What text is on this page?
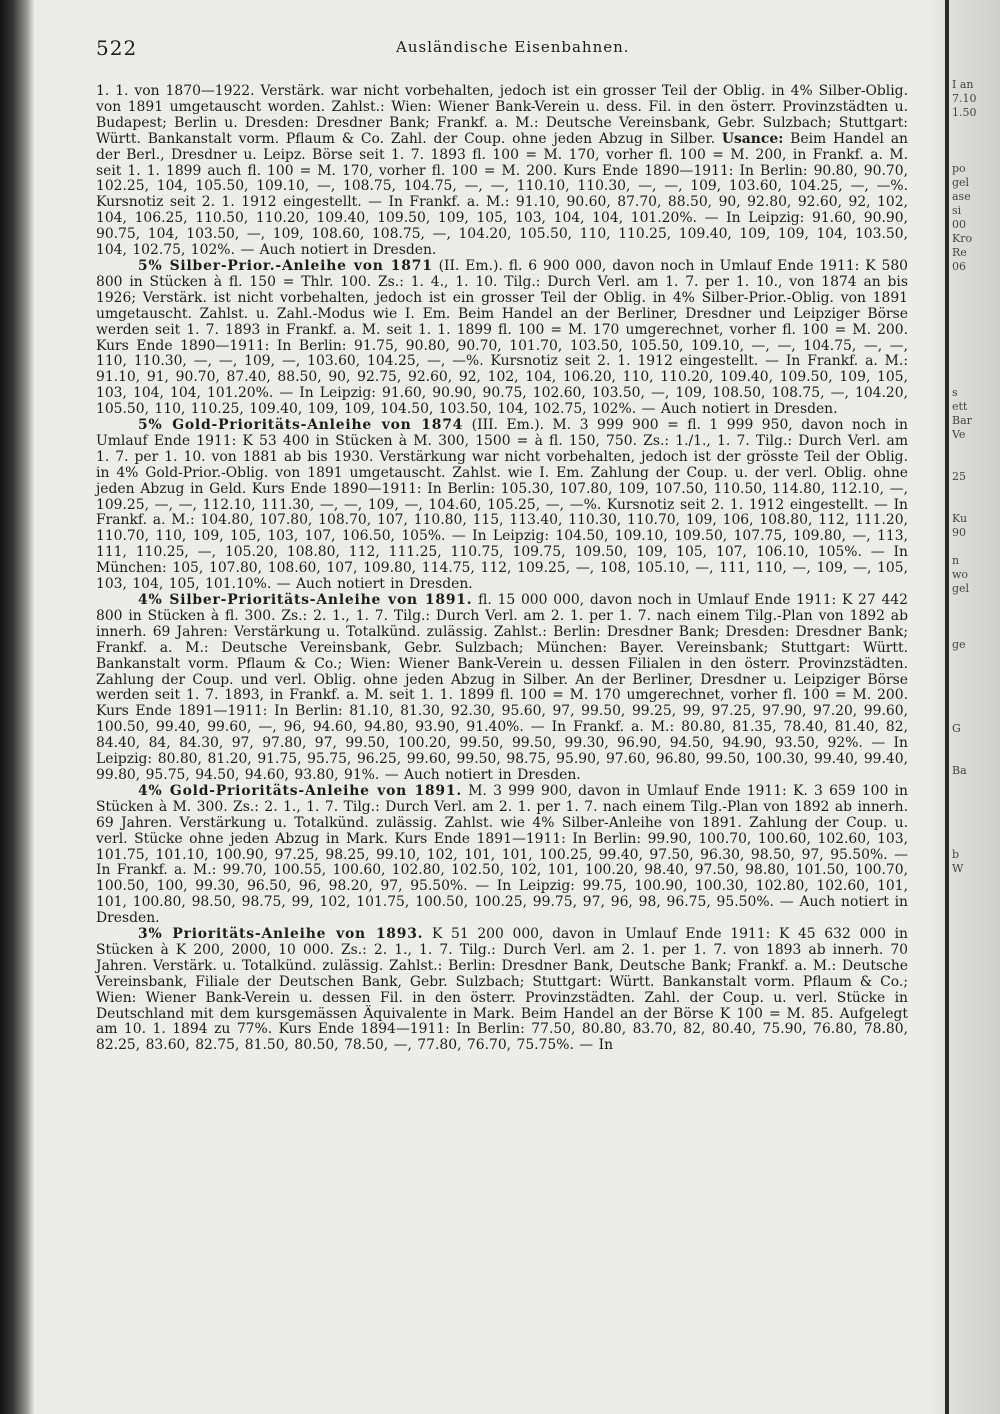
I an
7.10
1.50

po
gel
ase
si
00
Kro
Re
06

s
ett
Bar
Ve

25

Ku
90

n
wo
gel

ge

G

Ba

b
W

522	Ausländische Eisenbahnen.

1. 1. von 1870—1922. Verstärk. war nicht vorbehalten, jedoch ist ein grosser Teil der Oblig. in 4% Silber-Oblig. von 1891 umgetauscht worden. Zahlst.: Wien: Wiener Bank-Verein u. dess. Fil. in den österr. Provinzstädten u. Budapest; Berlin u. Dresden: Dresdner Bank; Frankf. a. M.: Deutsche Vereinsbank, Gebr. Sulzbach; Stuttgart: Württ. Bankanstalt vorm. Pflaum & Co. Zahl. der Coup. ohne jeden Abzug in Silber. Usance: Beim Handel an der Berl., Dresdner u. Leipz. Börse seit 1. 7. 1893 fl. 100 = M. 170, vorher fl. 100 = M. 200, in Frankf. a. M. seit 1. 1. 1899 auch fl. 100 = M. 170, vorher fl. 100 = M. 200. Kurs Ende 1890—1911: In Berlin: 90.80, 90.70, 102.25, 104, 105.50, 109.10, —, 108.75, 104.75, —, —, 110.10, 110.30, —, —, 109, 103.60, 104.25, —, —%. Kursnotiz seit 2. 1. 1912 eingestellt. — In Frankf. a. M.: 91.10, 90.60, 87.70, 88.50, 90, 92.80, 92.60, 92, 102, 104, 106.25, 110.50, 110.20, 109.40, 109.50, 109, 105, 103, 104, 104, 101.20%. — In Leipzig: 91.60, 90.90, 90.75, 104, 103.50, —, 109, 108.60, 108.75, —, 104.20, 105.50, 110, 110.25, 109.40, 109, 109, 104, 103.50, 104, 102.75, 102%. — Auch notiert in Dresden.

5% Silber-Prior.-Anleihe von 1871 (II. Em.). fl. 6 900 000, davon noch in Umlauf Ende 1911: K 580 800 in Stücken à fl. 150 = Thlr. 100. Zs.: 1. 4., 1. 10. Tilg.: Durch Verl. am 1. 7. per 1. 10., von 1874 an bis 1926; Verstärk. ist nicht vorbehalten, jedoch ist ein grosser Teil der Oblig. in 4% Silber-Prior.-Oblig. von 1891 umgetauscht. Zahlst. u. Zahl.-Modus wie I. Em. Beim Handel an der Berliner, Dresdner und Leipziger Börse werden seit 1. 7. 1893 in Frankf. a. M. seit 1. 1. 1899 fl. 100 = M. 170 umgerechnet, vorher fl. 100 = M. 200. Kurs Ende 1890—1911: In Berlin: 91.75, 90.80, 90.70, 101.70, 103.50, 105.50, 109.10, —, —, 104.75, —, —, 110, 110.30, —, —, 109, —, 103.60, 104.25, —, —%. Kursnotiz seit 2. 1. 1912 eingestellt. — In Frankf. a. M.: 91.10, 91, 90.70, 87.40, 88.50, 90, 92.75, 92.60, 92, 102, 104, 106.20, 110, 110.20, 109.40, 109.50, 109, 105, 103, 104, 104, 101.20%. — In Leipzig: 91.60, 90.90, 90.75, 102.60, 103.50, —, 109, 108.50, 108.75, —, 104.20, 105.50, 110, 110.25, 109.40, 109, 109, 104.50, 103.50, 104, 102.75, 102%. — Auch notiert in Dresden.

5% Gold-Prioritäts-Anleihe von 1874 (III. Em.). M. 3 999 900 = fl. 1 999 950, davon noch in Umlauf Ende 1911: K 53 400 in Stücken à M. 300, 1500 = à fl. 150, 750. Zs.: 1./1., 1. 7. Tilg.: Durch Verl. am 1. 7. per 1. 10. von 1881 ab bis 1930. Verstärkung war nicht vorbehalten, jedoch ist der grösste Teil der Oblig. in 4% Gold-Prior.-Oblig. von 1891 umgetauscht. Zahlst. wie I. Em. Zahlung der Coup. u. der verl. Oblig. ohne jeden Abzug in Geld. Kurs Ende 1890—1911: In Berlin: 105.30, 107.80, 109, 107.50, 110.50, 114.80, 112.10, —, 109.25, —, —, 112.10, 111.30, —, —, 109, —, 104.60, 105.25, —, —%. Kursnotiz seit 2. 1. 1912 eingestellt. — In Frankf. a. M.: 104.80, 107.80, 108.70, 107, 110.80, 115, 113.40, 110.30, 110.70, 109, 106, 108.80, 112, 111.20, 110.70, 110, 109, 105, 103, 107, 106.50, 105%. — In Leipzig: 104.50, 109.10, 109.50, 107.75, 109.80, —, 113, 111, 110.25, —, 105.20, 108.80, 112, 111.25, 110.75, 109.75, 109.50, 109, 105, 107, 106.10, 105%. — In München: 105, 107.80, 108.60, 107, 109.80, 114.75, 112, 109.25, —, 108, 105.10, —, 111, 110, —, 109, —, 105, 103, 104, 105, 101.10%. — Auch notiert in Dresden.

4% Silber-Prioritäts-Anleihe von 1891. fl. 15 000 000, davon noch in Umlauf Ende 1911: K 27 442 800 in Stücken à fl. 300. Zs.: 2. 1., 1. 7. Tilg.: Durch Verl. am 2. 1. per 1. 7. nach einem Tilg.-Plan von 1892 ab innerh. 69 Jahren: Verstärkung u. Totalkünd. zulässig. Zahlst.: Berlin: Dresdner Bank; Dresden: Dresdner Bank; Frankf. a. M.: Deutsche Vereinsbank, Gebr. Sulzbach; München: Bayer. Vereinsbank; Stuttgart: Württ. Bankanstalt vorm. Pflaum & Co.; Wien: Wiener Bank-Verein u. dessen Filialen in den österr. Provinzstädten. Zahlung der Coup. und verl. Oblig. ohne jeden Abzug in Silber. An der Berliner, Dresdner u. Leipziger Börse werden seit 1. 7. 1893, in Frankf. a. M. seit 1. 1. 1899 fl. 100 = M. 170 umgerechnet, vorher fl. 100 = M. 200. Kurs Ende 1891—1911: In Berlin: 81.10, 81.30, 92.30, 95.60, 97, 99.50, 99.25, 99, 97.25, 97.90, 97.20, 99.60, 100.50, 99.40, 99.60, —, 96, 94.60, 94.80, 93.90, 91.40%. — In Frankf. a. M.: 80.80, 81.35, 78.40, 81.40, 82, 84.40, 84, 84.30, 97, 97.80, 97, 99.50, 100.20, 99.50, 99.50, 99.30, 96.90, 94.50, 94.90, 93.50, 92%. — In Leipzig: 80.80, 81.20, 91.75, 95.75, 96.25, 99.60, 99.50, 98.75, 95.90, 97.60, 96.80, 99.50, 100.30, 99.40, 99.40, 99.80, 95.75, 94.50, 94.60, 93.80, 91%. — Auch notiert in Dresden.

4% Gold-Prioritäts-Anleihe von 1891. M. 3 999 900, davon in Umlauf Ende 1911: K. 3 659 100 in Stücken à M. 300. Zs.: 2. 1., 1. 7. Tilg.: Durch Verl. am 2. 1. per 1. 7. nach einem Tilg.-Plan von 1892 ab innerh. 69 Jahren. Verstärkung u. Totalkünd. zulässig. Zahlst. wie 4% Silber-Anleihe von 1891. Zahlung der Coup. u. verl. Stücke ohne jeden Abzug in Mark. Kurs Ende 1891—1911: In Berlin: 99.90, 100.70, 100.60, 102.60, 103, 101.75, 101.10, 100.90, 97.25, 98.25, 99.10, 102, 101, 101, 100.25, 99.40, 97.50, 96.30, 98.50, 97, 95.50%. — In Frankf. a. M.: 99.70, 100.55, 100.60, 102.80, 102.50, 102, 101, 100.20, 98.40, 97.50, 98.80, 101.50, 100.70, 100.50, 100, 99.30, 96.50, 96, 98.20, 97, 95.50%. — In Leipzig: 99.75, 100.90, 100.30, 102.80, 102.60, 101, 101, 100.80, 98.50, 98.75, 99, 102, 101.75, 100.50, 100.25, 99.75, 97, 96, 98, 96.75, 95.50%. — Auch notiert in Dresden.

3% Prioritäts-Anleihe von 1893. K 51 200 000, davon in Umlauf Ende 1911: K 45 632 000 in Stücken à K 200, 2000, 10 000. Zs.: 2. 1., 1. 7. Tilg.: Durch Verl. am 2. 1. per 1. 7. von 1893 ab innerh. 70 Jahren. Verstärk. u. Totalkünd. zulässig. Zahlst.: Berlin: Dresdner Bank, Deutsche Bank; Frankf. a. M.: Deutsche Vereinsbank, Filiale der Deutschen Bank, Gebr. Sulzbach; Stuttgart: Württ. Bankanstalt vorm. Pflaum & Co.; Wien: Wiener Bank-Verein u. dessen Fil. in den österr. Provinzstädten. Zahl. der Coup. u. verl. Stücke in Deutschland mit dem kursgemässen Äquivalente in Mark. Beim Handel an der Börse K 100 = M. 85. Aufgelegt am 10. 1. 1894 zu 77%. Kurs Ende 1894—1911: In Berlin: 77.50, 80.80, 83.70, 82, 80.40, 75.90, 76.80, 78.80, 82.25, 83.60, 82.75, 81.50, 80.50, 78.50, —, 77.80, 76.70, 75.75%. — In
